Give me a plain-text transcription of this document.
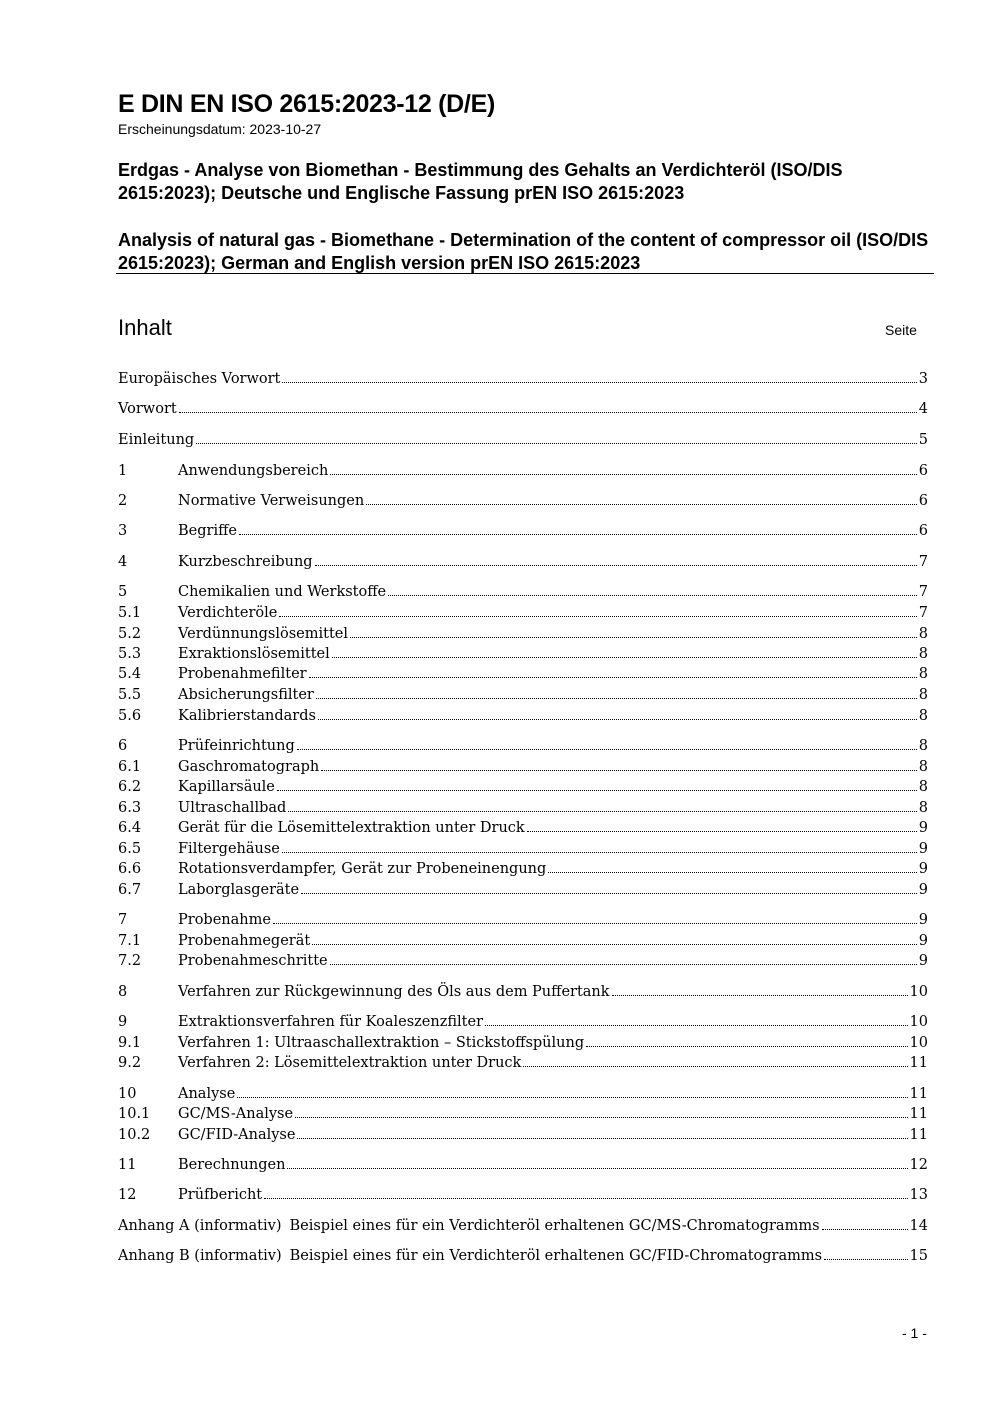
E DIN EN ISO 2615:2023-12 (D/E)
Erscheinungsdatum: 2023-10-27
Erdgas - Analyse von Biomethan - Bestimmung des Gehalts an Verdichteröl (ISO/DIS 2615:2023); Deutsche und Englische Fassung prEN ISO 2615:2023
Analysis of natural gas - Biomethane - Determination of the content of compressor oil (ISO/DIS 2615:2023); German and English version prEN ISO 2615:2023
Inhalt	Seite
Europäisches Vorwort	3
Vorwort	4
Einleitung	5
1	Anwendungsbereich	6
2	Normative Verweisungen	6
3	Begriffe	6
4	Kurzbeschreibung	7
5	Chemikalien und Werkstoffe	7
5.1	Verdichteröle	7
5.2	Verdünnungslösemittel	8
5.3	Exraktionslösemittel	8
5.4	Probenahmefilter	8
5.5	Absicherungsfilter	8
5.6	Kalibrierstandards	8
6	Prüfeinrichtung	8
6.1	Gaschromatograph	8
6.2	Kapillarsäule	8
6.3	Ultraschallbad	8
6.4	Gerät für die Lösemittelextraktion unter Druck	9
6.5	Filtergehäuse	9
6.6	Rotationsverdampfer, Gerät zur Probeneinengung	9
6.7	Laborglasgeräte	9
7	Probenahme	9
7.1	Probenahmegerät	9
7.2	Probenahmeschritte	9
8	Verfahren zur Rückgewinnung des Öls aus dem Puffertank	10
9	Extraktionsverfahren für Koaleszenzfilter	10
9.1	Verfahren 1: Ultraaschallextraktion – Stickstoffspülung	10
9.2	Verfahren 2: Lösemittelextraktion unter Druck	11
10	Analyse	11
10.1	GC/MS-Analyse	11
10.2	GC/FID-Analyse	11
11	Berechnungen	12
12	Prüfbericht	13
Anhang A (informativ) Beispiel eines für ein Verdichteröl erhaltenen GC/MS-Chromatogramms	14
Anhang B (informativ) Beispiel eines für ein Verdichteröl erhaltenen GC/FID-Chromatogramms	15
- 1 -
